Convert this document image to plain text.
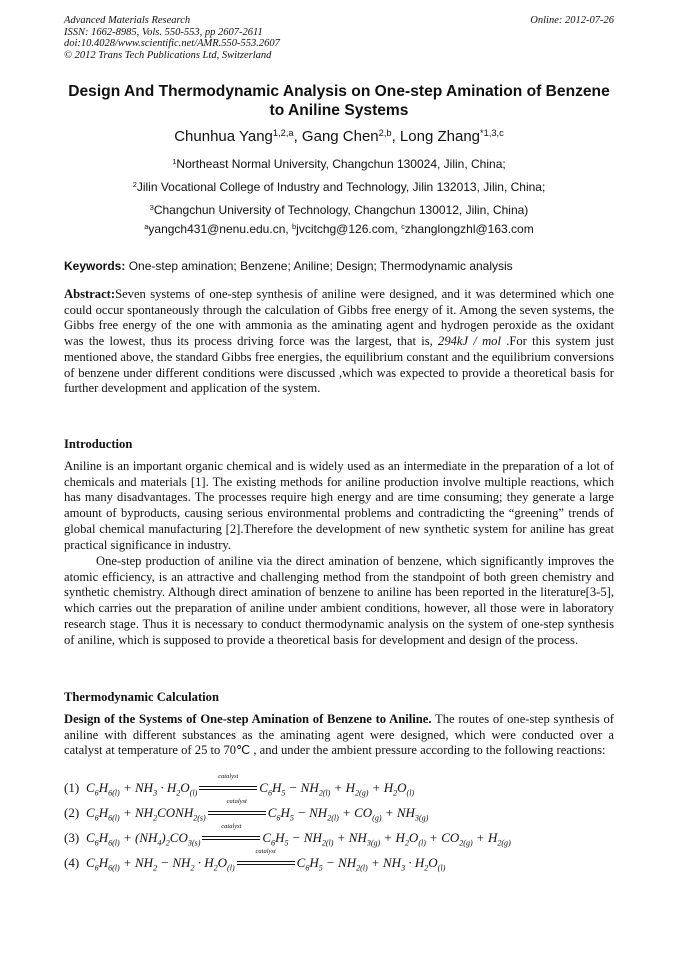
Advanced Materials Research
ISSN: 1662-8985, Vols. 550-553, pp 2607-2611
doi:10.4028/www.scientific.net/AMR.550-553.2607
© 2012 Trans Tech Publications Ltd, Switzerland
Online: 2012-07-26
Design And Thermodynamic Analysis on One-step Amination of Benzene
to Aniline Systems
Chunhua Yang$^{1,2,a}$, Gang Chen$^{2,b}$, Long Zhang$^{*1,3,c}$
$^1$Northeast Normal University, Changchun 130024, Jilin, China;
$^2$Jilin Vocational College of Industry and Technology, Jilin 132013, Jilin, China;
$^3$Changchun University of Technology, Changchun 130012, Jilin, China)
$^a$yangch431@nenu.edu.cn, $^b$jvcitchg@126.com, $^c$zhanglongzhl@163.com
Keywords: One-step amination; Benzene; Aniline; Design; Thermodynamic analysis
Abstract:Seven systems of one-step synthesis of aniline were designed, and it was determined which one could occur spontaneously through the calculation of Gibbs free energy of it. Among the seven systems, the Gibbs free energy of the one with ammonia as the aminating agent and hydrogen peroxide as the oxidant was the lowest, thus its process driving force was the largest, that is, 294kJ / mol .For this system just mentioned above, the standard Gibbs free energies, the equilibrium constant and the equilibrium conversions of benzene under different conditions were discussed ,which was expected to provide a theoretical basis for further development and application of the system.
Introduction
Aniline is an important organic chemical and is widely used as an intermediate in the preparation of a lot of chemicals and materials [1]. The existing methods for aniline production involve multiple reactions, which has many disadvantages. The processes require high energy and are time consuming; they generate a large amount of byproducts, causing serious environmental problems and contradicting the “greening” trends of global chemical manufacturing [2].Therefore the development of new synthetic system for aniline has great practical significance in industry.
One-step production of aniline via the direct amination of benzene, which significantly improves the atomic efficiency, is an attractive and challenging method from the standpoint of both green chemistry and synthetic chemistry. Although direct amination of benzene to aniline has been reported in the literature[3-5], which carries out the preparation of aniline under ambient conditions, however, all those were in laboratory research stage. Thus it is necessary to conduct thermodynamic analysis on the system of one-step synthesis of aniline, which is supposed to provide a theoretical basis for development and design of the process.
Thermodynamic Calculation
Design of the Systems of One-step Amination of Benzene to Aniline. The routes of one-step synthesis of aniline with different substances as the aminating agent were designed, which were conducted over a catalyst at temperature of 25 to 70℃ , and under the ambient pressure according to the following reactions:
(1) $C_6H_{6(l)} + NH_3 \cdot H_2O_{(l)}$
catalyst
$C_6H_5 - NH_{2(l)} + H_{2(g)} + H_2O_{(l)}$
(2) $C_6H_{6(l)}$ + $NH_2CONH_{2(s)}$
catalyst
$C_6H_5 - NH_{2(l)} + CO_{(g)} + NH_{3(g)}$
(3) $C_6H_{6(l)} + (NH_4)_2CO_{3(s)}$
catalyst
$C_6H_5 - NH_{2(l)} + NH_{3(g)} + H_2O_{(l)} + CO_{2(g)} + H_{2(g)}$
(4) $C_6H_{6(l)} + NH_2 - NH_2 \cdot H_2O_{(l)}$
catalyst
$C_6H_5 - NH_{2(l)} + NH_3 \cdot H_2O_{(l)}$
